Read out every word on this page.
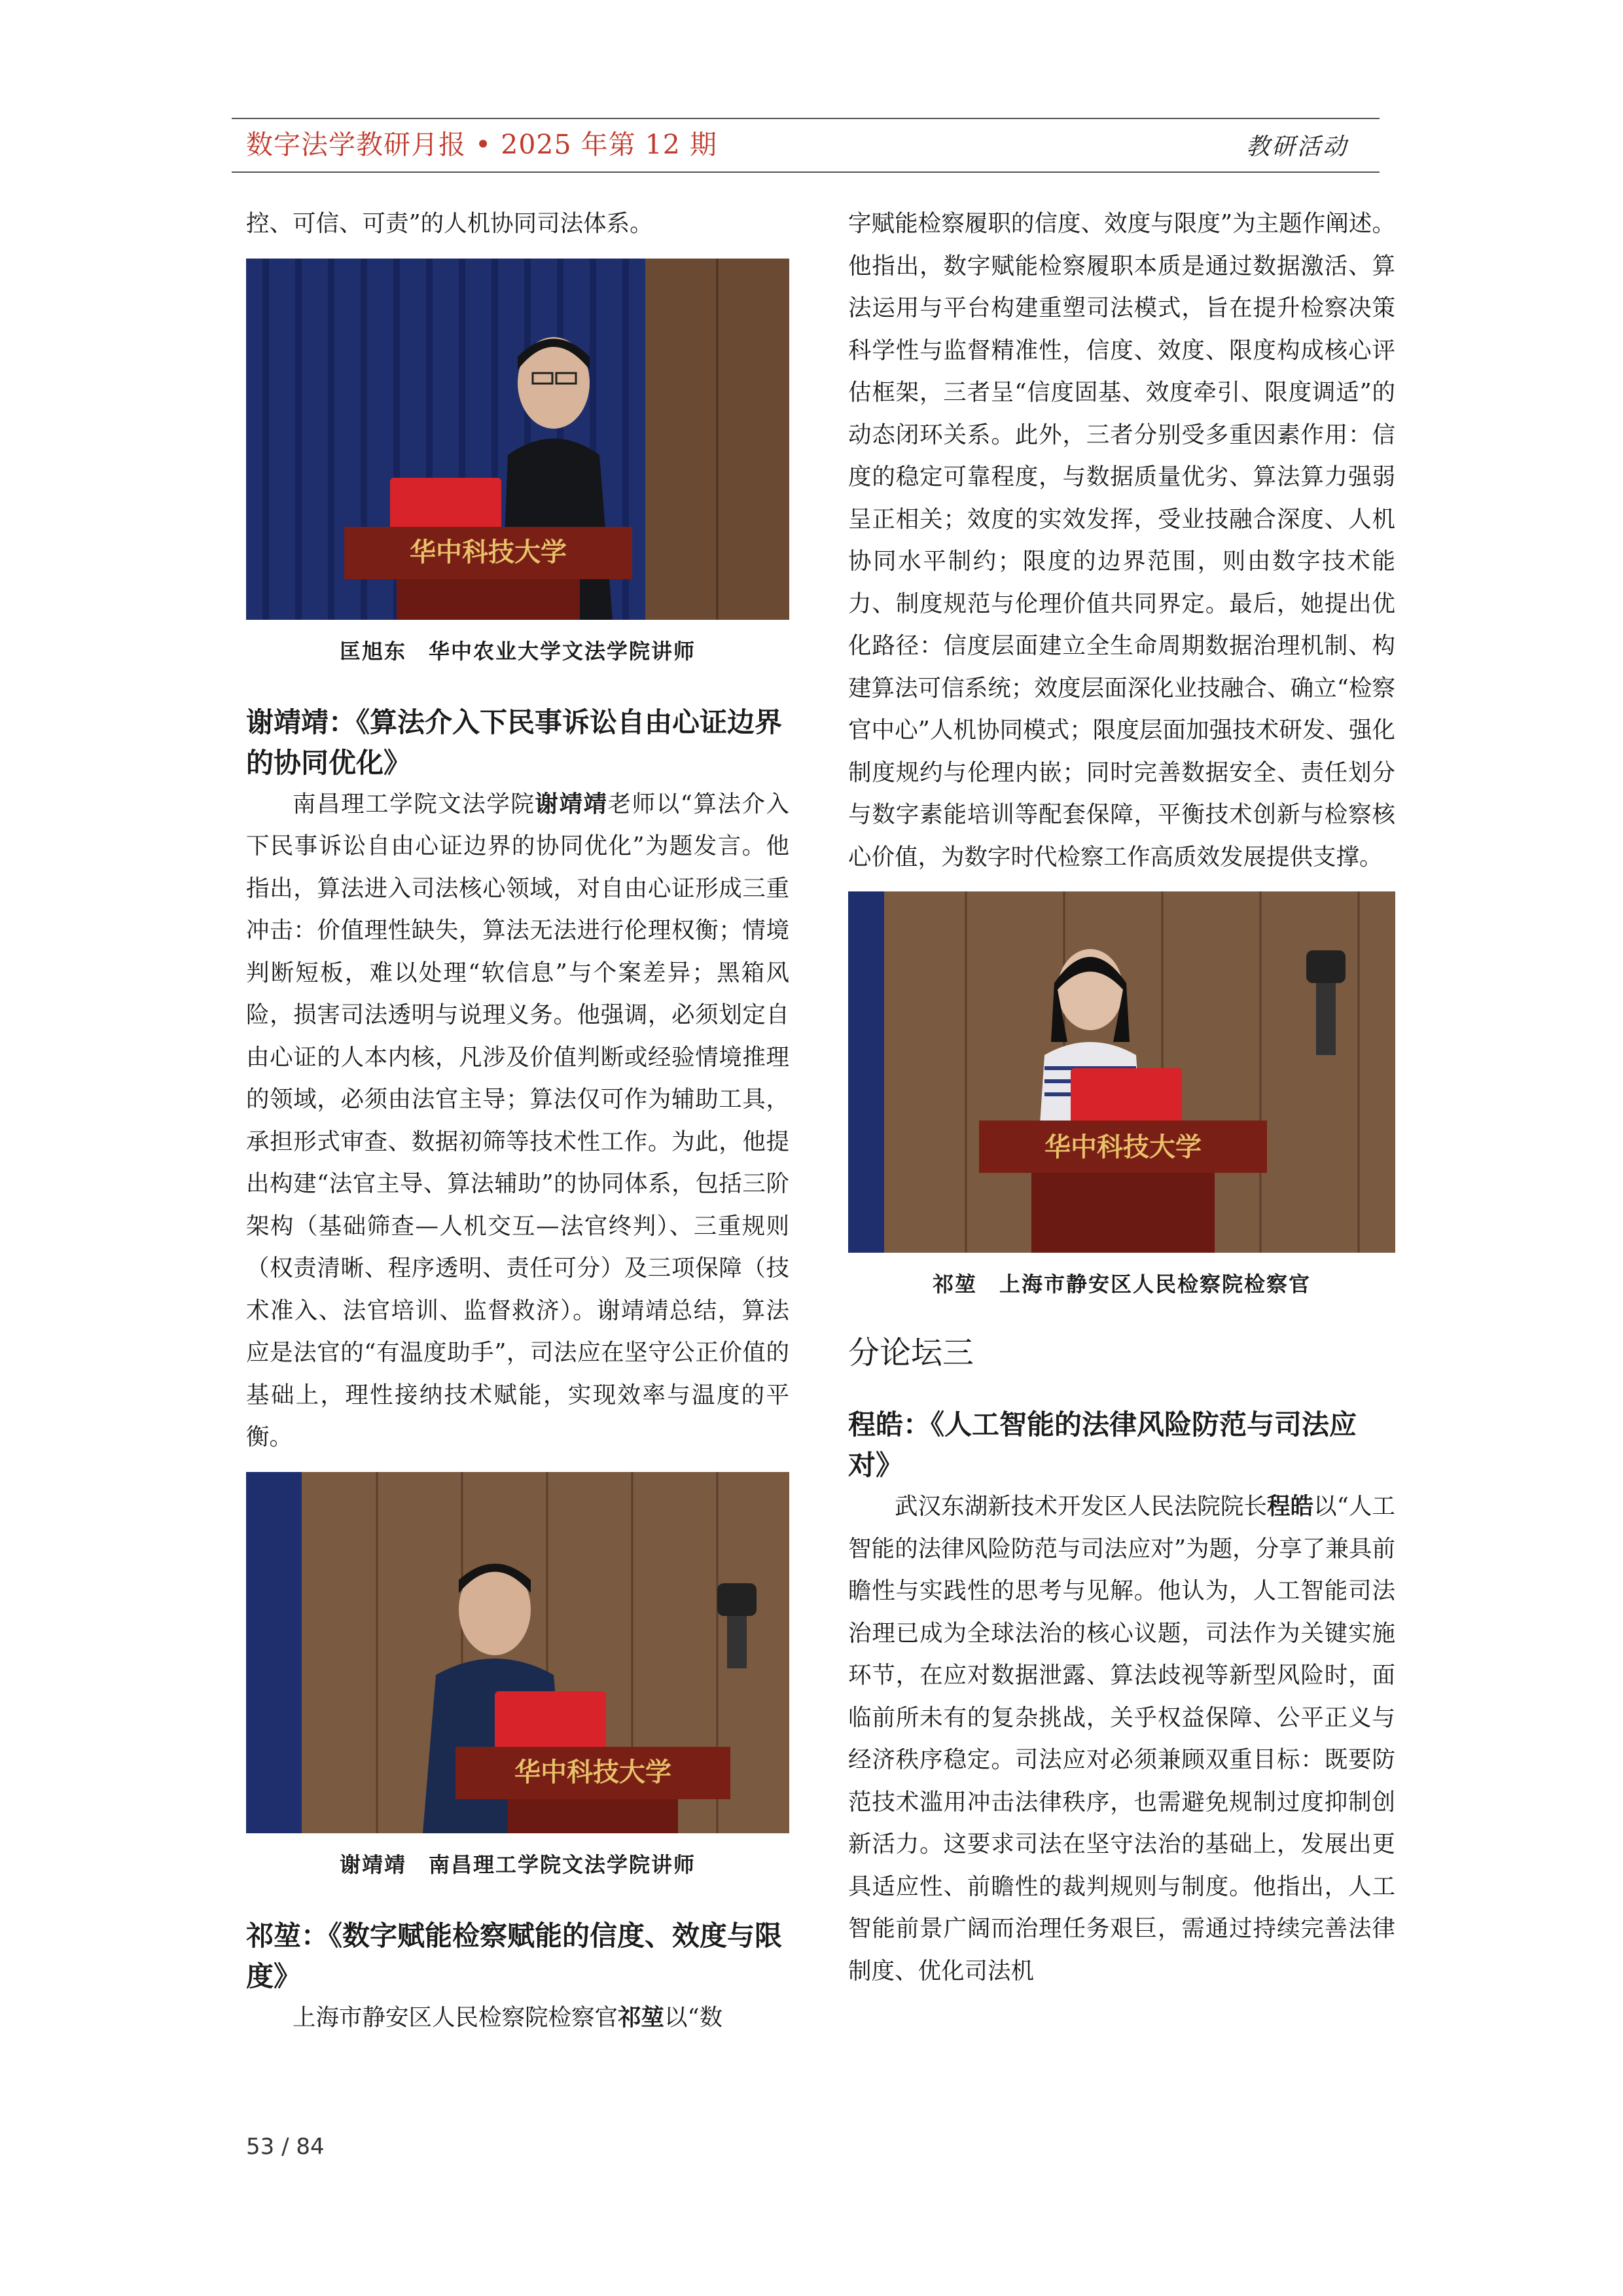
数字法学教研月报 • 2025 年第 12 期	教研活动

控、可信、可责”的人机协同司法体系。

华中科技大学

匡旭东　华中农业大学文法学院讲师

谢靖靖：《算法介入下民事诉讼自由心证边界的协同优化》

南昌理工学院文法学院谢靖靖老师以“算法介入下民事诉讼自由心证边界的协同优化”为题发言。他指出，算法进入司法核心领域，对自由心证形成三重冲击：价值理性缺失，算法无法进行伦理权衡；情境判断短板，难以处理“软信息”与个案差异；黑箱风险，损害司法透明与说理义务。他强调，必须划定自由心证的人本内核，凡涉及价值判断或经验情境推理的领域，必须由法官主导；算法仅可作为辅助工具，承担形式审查、数据初筛等技术性工作。为此，他提出构建“法官主导、算法辅助”的协同体系，包括三阶架构（基础筛查—人机交互—法官终判）、三重规则（权责清晰、程序透明、责任可分）及三项保障（技术准入、法官培训、监督救济）。谢靖靖总结，算法应是法官的“有温度助手”，司法应在坚守公正价值的基础上，理性接纳技术赋能，实现效率与温度的平衡。

华中科技大学

谢靖靖　南昌理工学院文法学院讲师

祁堃：《数字赋能检察赋能的信度、效度与限度》

上海市静安区人民检察院检察官祁堃以“数

字赋能检察履职的信度、效度与限度”为主题作阐述。他指出，数字赋能检察履职本质是通过数据激活、算法运用与平台构建重塑司法模式，旨在提升检察决策科学性与监督精准性，信度、效度、限度构成核心评估框架，三者呈“信度固基、效度牵引、限度调适”的动态闭环关系。此外，三者分别受多重因素作用：信度的稳定可靠程度，与数据质量优劣、算法算力强弱呈正相关；效度的实效发挥，受业技融合深度、人机协同水平制约；限度的边界范围，则由数字技术能力、制度规范与伦理价值共同界定。最后，她提出优化路径：信度层面建立全生命周期数据治理机制、构建算法可信系统；效度层面深化业技融合、确立“检察官中心”人机协同模式；限度层面加强技术研发、强化制度规约与伦理内嵌；同时完善数据安全、责任划分与数字素能培训等配套保障，平衡技术创新与检察核心价值，为数字时代检察工作高质效发展提供支撑。

华中科技大学

祁堃　上海市静安区人民检察院检察官

分论坛三

程皓：《人工智能的法律风险防范与司法应对》

武汉东湖新技术开发区人民法院院长程皓以“人工智能的法律风险防范与司法应对”为题，分享了兼具前瞻性与实践性的思考与见解。他认为，人工智能司法治理已成为全球法治的核心议题，司法作为关键实施环节，在应对数据泄露、算法歧视等新型风险时，面临前所未有的复杂挑战，关乎权益保障、公平正义与经济秩序稳定。司法应对必须兼顾双重目标：既要防范技术滥用冲击法律秩序，也需避免规制过度抑制创新活力。这要求司法在坚守法治的基础上，发展出更具适应性、前瞻性的裁判规则与制度。他指出，人工智能前景广阔而治理任务艰巨，需通过持续完善法律制度、优化司法机

53 / 84
